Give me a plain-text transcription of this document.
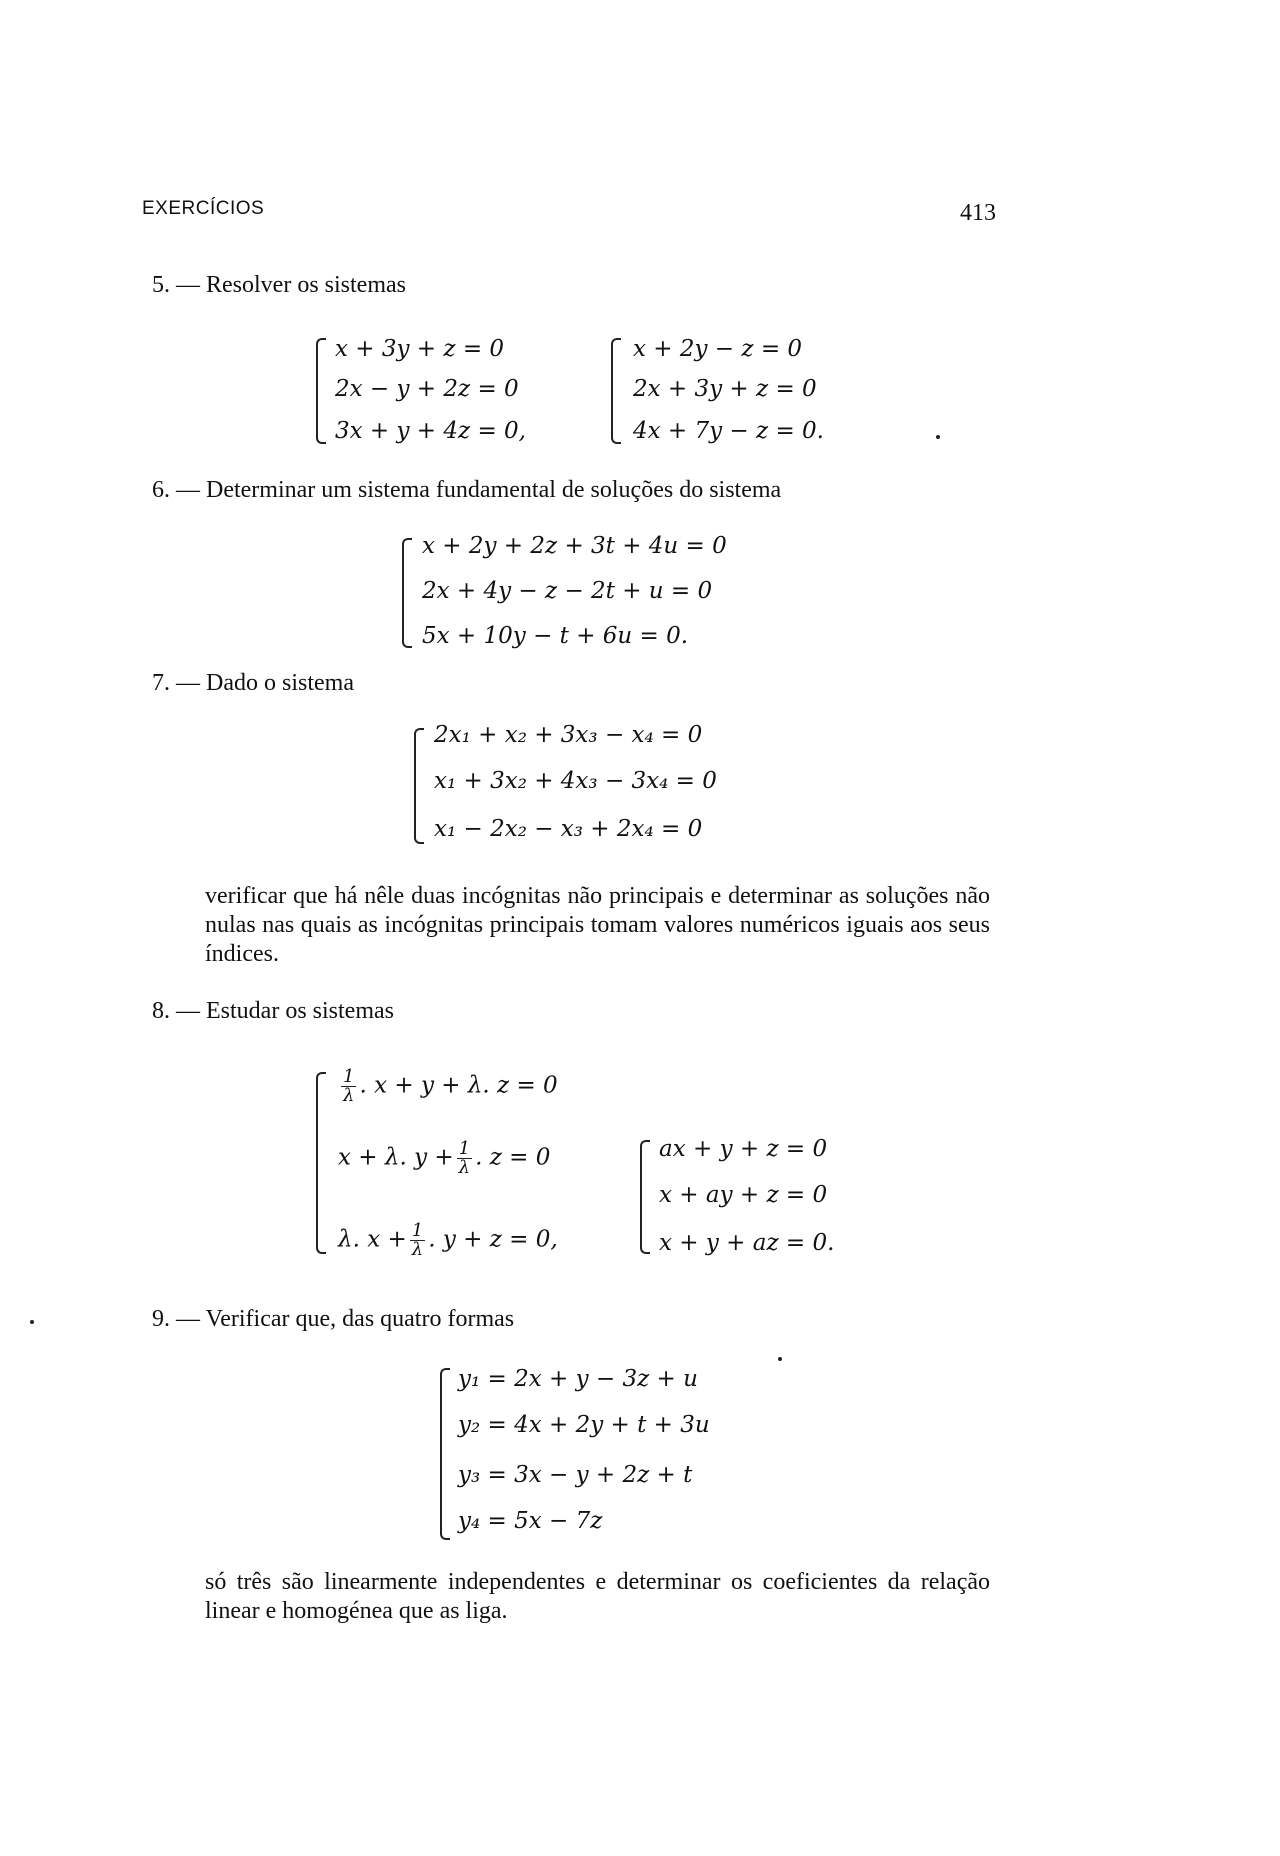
EXERCÍCIOS	413
5. — Resolver os sistemas
x + 3y + z = 0
2x − y + 2z = 0
3x + y + 4z = 0,
x + 2y − z = 0
2x + 3y + z = 0
4x + 7y − z = 0.
6. — Determinar um sistema fundamental de soluções do sistema
x + 2y + 2z + 3t + 4u = 0
2x + 4y − z − 2t + u = 0
5x + 10y − t + 6u = 0.
7. — Dado o sistema
2x₁ + x₂ + 3x₃ − x₄ = 0
x₁ + 3x₂ + 4x₃ − 3x₄ = 0
x₁ − 2x₂ − x₃ + 2x₄ = 0
verificar que há nêle duas incógnitas não principais e determinar as soluções não nulas nas quais as incógnitas principais tomam valores numéricos iguais aos seus índices.
8. — Estudar os sistemas
$\frac{1}{\lambda}$ . x + y + λ. z = 0
x + λ. $y + \frac{1}{\lambda}$ . z = 0
λ. $x + \frac{1}{\lambda}$ . y + z = 0,
ax + y + z = 0
x + ay + z = 0
x + y + az = 0.
9. — Verificar que, das quatro formas
y₁ = 2x + y − 3z + u
y₂ = 4x + 2y + t + 3u
y₃ = 3x − y + 2z + t
y₄ = 5x − 7z
só três são linearmente independentes e determinar os coeficientes da relação linear e homogénea que as liga.
